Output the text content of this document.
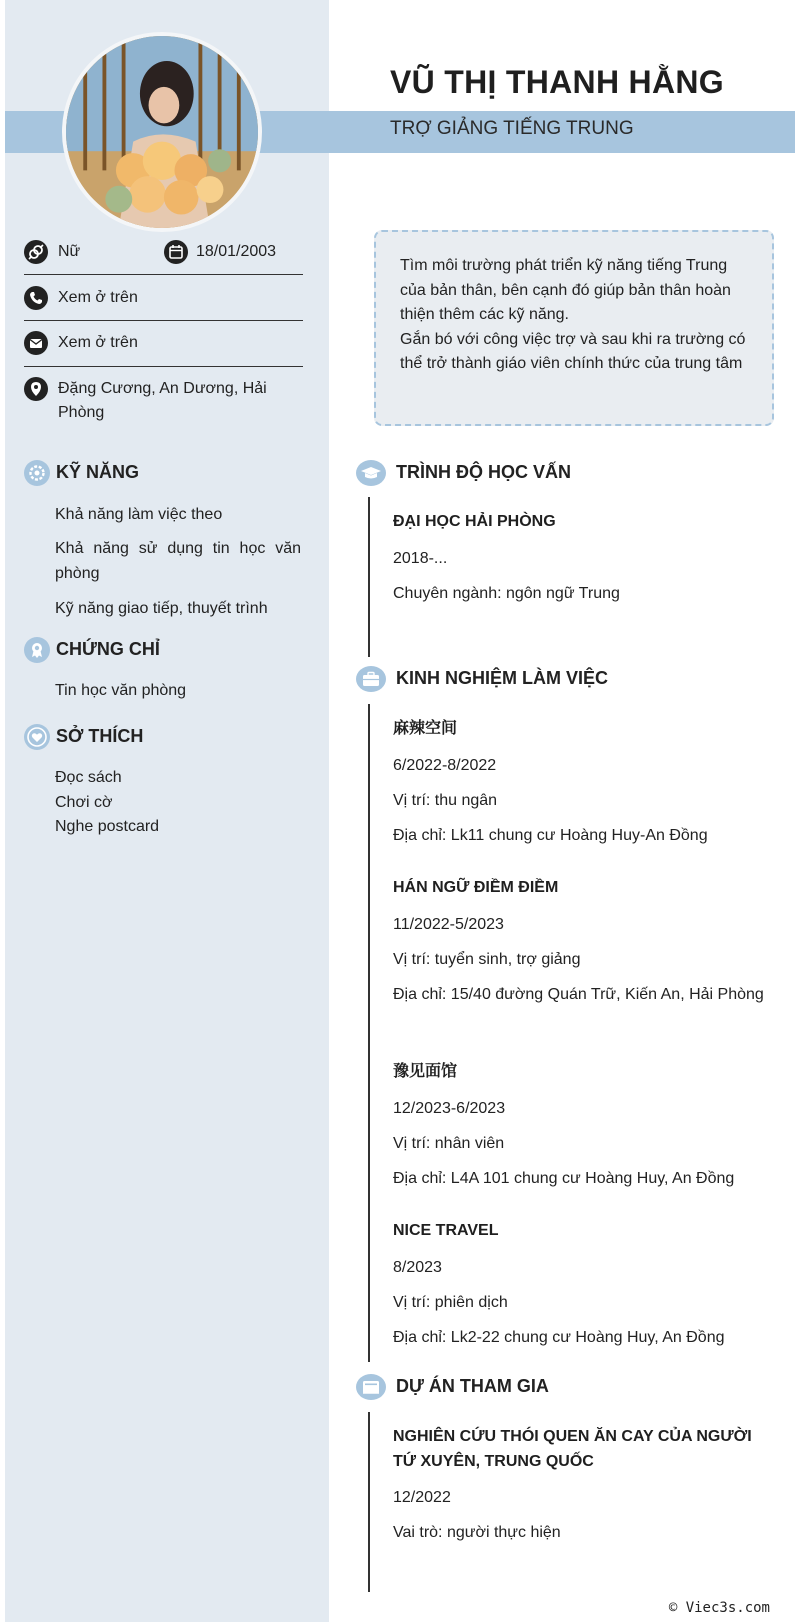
VŨ THỊ THANH HẰNG
TRỢ GIẢNG TIẾNG TRUNG
Nữ	18/01/2003
Xem ở trên
Xem ở trên
Đặng Cương, An Dương, Hải Phòng
KỸ NĂNG
Khả năng làm việc theo
Khả năng sử dụng tin học văn phòng
Kỹ năng giao tiếp, thuyết trình
CHỨNG CHỈ
Tin học văn phòng
SỞ THÍCH
Đọc sách
Chơi cờ
Nghe postcard

Tìm môi trường phát triển kỹ năng tiếng Trung của bản thân, bên cạnh đó giúp bản thân hoàn thiện thêm các kỹ năng.

Gắn bó với công việc trợ và sau khi ra trường có thể trở thành giáo viên chính thức của trung tâm

TRÌNH ĐỘ HỌC VẤN
ĐẠI HỌC HẢI PHÒNG
2018-...
Chuyên ngành: ngôn ngữ Trung
KINH NGHIỆM LÀM VIỆC
麻辣空间
6/2022-8/2022
Vị trí: thu ngân
Địa chỉ: Lk11 chung cư Hoàng Huy-An Đồng
HÁN NGỮ ĐIỀM ĐIỀM
11/2022-5/2023
Vị trí: tuyển sinh, trợ giảng
Địa chỉ: 15/40 đường Quán Trữ, Kiến An, Hải Phòng
豫见面馆
12/2023-6/2023
Vị trí: nhân viên
Địa chỉ: L4A 101 chung cư Hoàng Huy, An Đồng
NICE TRAVEL
8/2023
Vị trí: phiên dịch
Địa chỉ: Lk2-22 chung cư Hoàng Huy, An Đồng
DỰ ÁN THAM GIA
NGHIÊN CỨU THÓI QUEN ĂN CAY CỦA NGƯỜI TỨ XUYÊN, TRUNG QUỐC
12/2022
Vai trò: người thực hiện
© Viec3s.com
